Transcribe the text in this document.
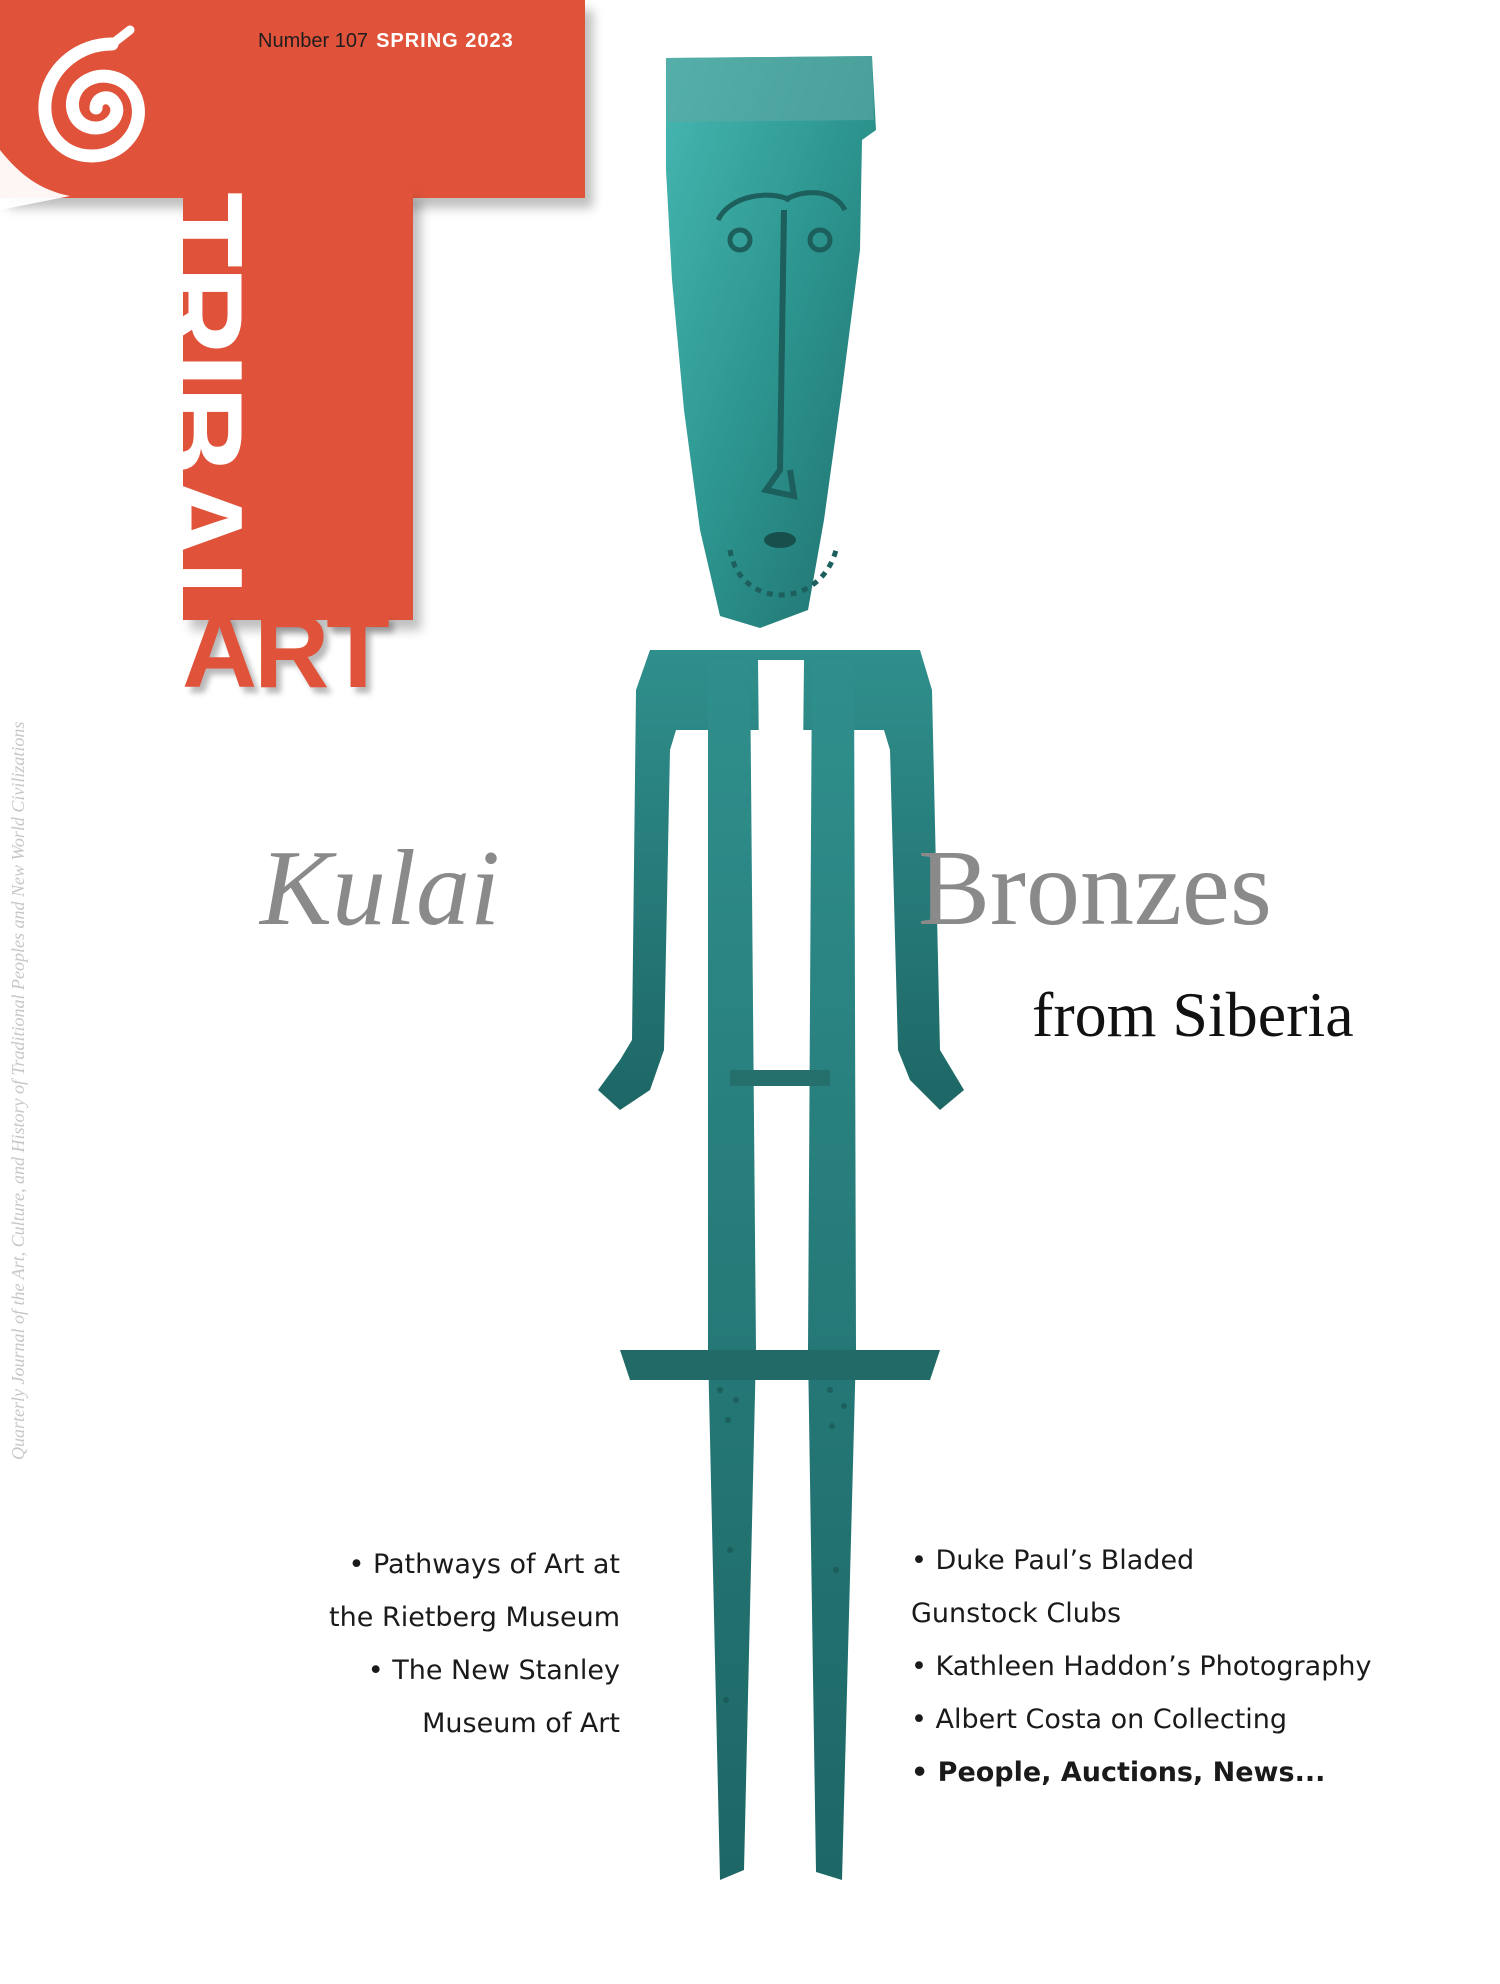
Number 107 SPRING 2023
TRIBAL
ART
Quarterly Journal of the Art, Culture, and History of Traditional Peoples and New World Civilizations Kulai	Bronzes
from Siberia
• Pathways of Art at
the Rietberg Museum
• The New Stanley
Museum of Art
• Duke Paul’s Bladed
Gunstock Clubs
• Kathleen Haddon’s Photography
• Albert Costa on Collecting
• People, Auctions, News...
